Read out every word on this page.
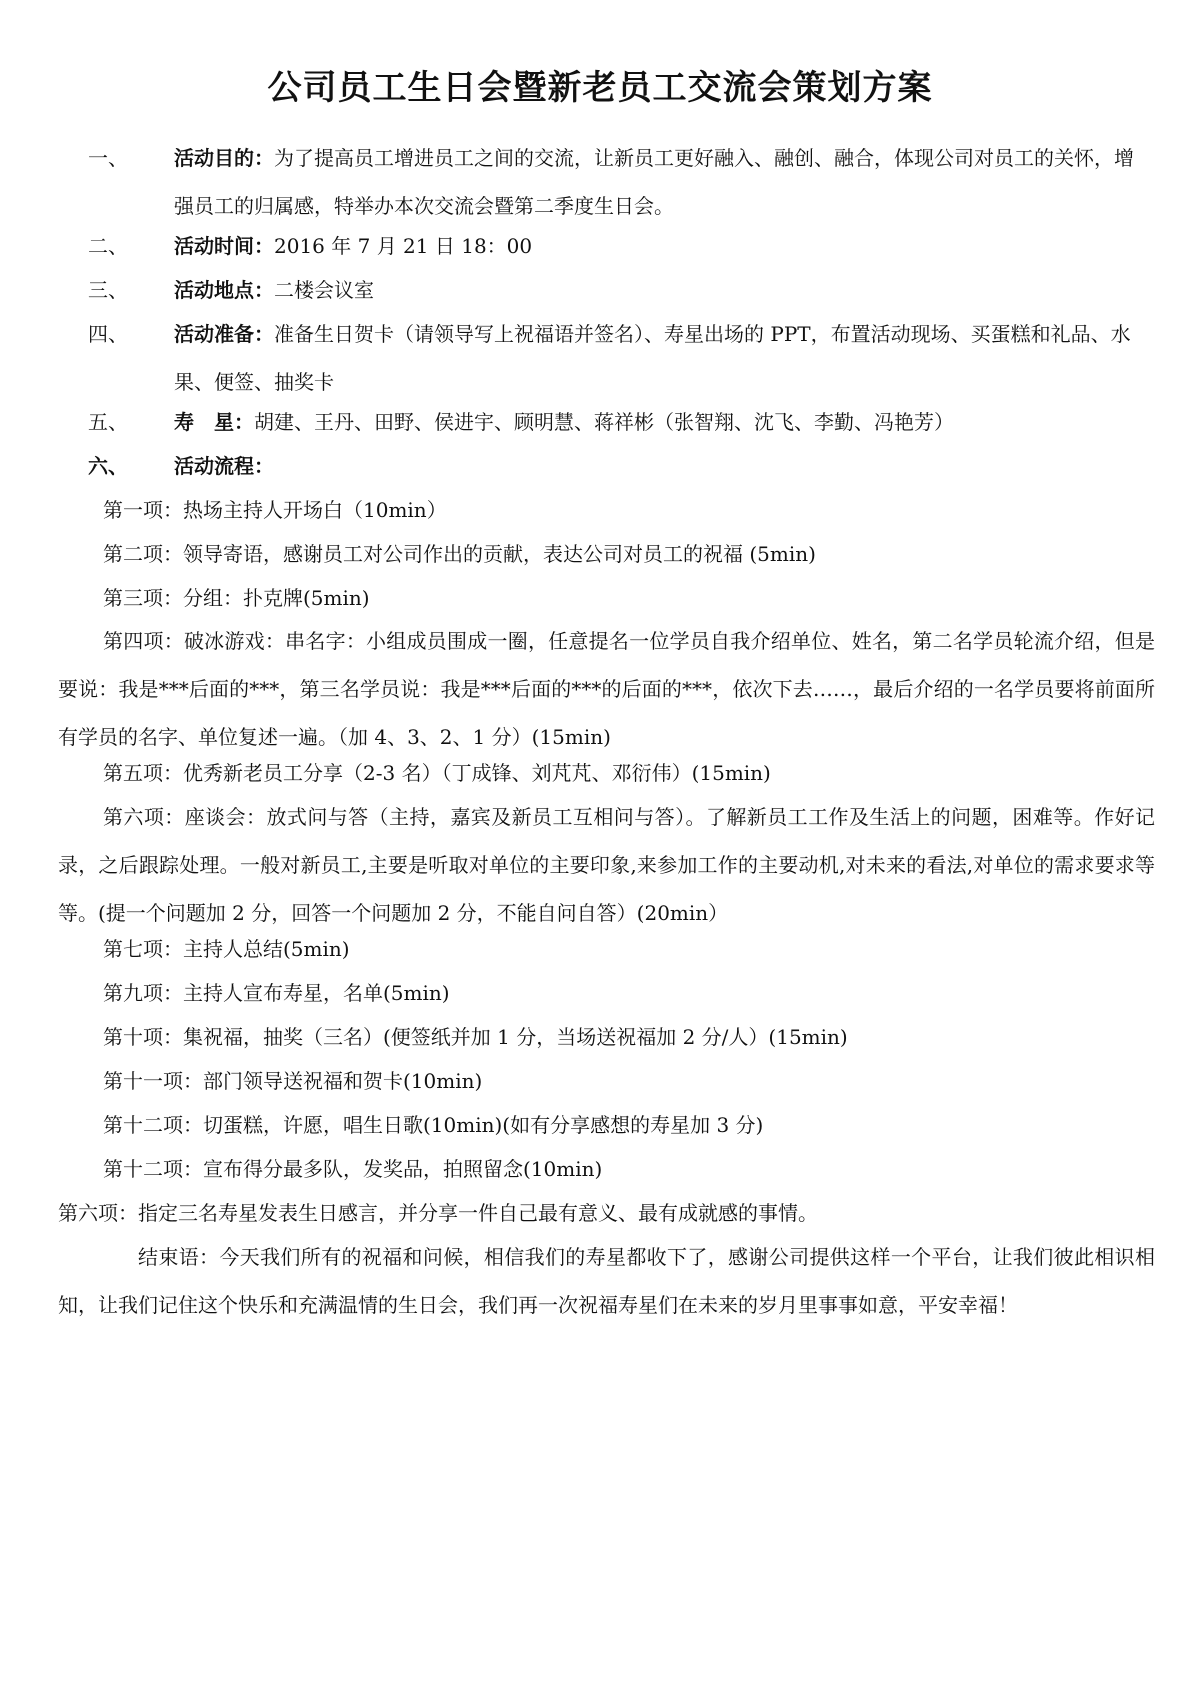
公司员工生日会暨新老员工交流会策划方案
一、	活动目的：为了提高员工增进员工之间的交流，让新员工更好融入、融创、融合，体现公司对员工的关怀，增强员工的归属感，特举办本次交流会暨第二季度生日会。
二、	活动时间：2016 年 7 月 21 日 18：00
三、	活动地点：二楼会议室
四、	活动准备：准备生日贺卡（请领导写上祝福语并签名）、寿星出场的 PPT，布置活动现场、买蛋糕和礼品、水果、便签、抽奖卡
五、	寿　星：胡建、王丹、田野、侯进宇、顾明慧、蒋祥彬（张智翔、沈飞、李勤、冯艳芳）
六、	活动流程：
第一项：热场主持人开场白（10min）
第二项：领导寄语，感谢员工对公司作出的贡献，表达公司对员工的祝福 (5min)
第三项：分组：扑克牌(5min)
第四项：破冰游戏：串名字：小组成员围成一圈，任意提名一位学员自我介绍单位、姓名，第二名学员轮流介绍，但是要说：我是***后面的***，第三名学员说：我是***后面的***的后面的***，依次下去……，最后介绍的一名学员要将前面所有学员的名字、单位复述一遍。（加 4、3、2、1 分）(15min)
第五项：优秀新老员工分享（2-3 名）（丁成锋、刘芃芃、邓衍伟）(15min)
第六项：座谈会：放式问与答（主持，嘉宾及新员工互相问与答）。了解新员工工作及生活上的问题，困难等。作好记录，之后跟踪处理。一般对新员工,主要是听取对单位的主要印象,来参加工作的主要动机,对未来的看法,对单位的需求要求等等。(提一个问题加 2 分，回答一个问题加 2 分，不能自问自答）(20min）
第七项：主持人总结(5min)
第九项：主持人宣布寿星，名单(5min)
第十项：集祝福，抽奖（三名）(便签纸并加 1 分，当场送祝福加 2 分/人）(15min)
第十一项：部门领导送祝福和贺卡(10min)
第十二项：切蛋糕，许愿，唱生日歌(10min)(如有分享感想的寿星加 3 分)
第十二项：宣布得分最多队，发奖品，拍照留念(10min)
第六项：指定三名寿星发表生日感言，并分享一件自己最有意义、最有成就感的事情。
结束语：今天我们所有的祝福和问候，相信我们的寿星都收下了，感谢公司提供这样一个平台，让我们彼此相识相知，让我们记住这个快乐和充满温情的生日会，我们再一次祝福寿星们在未来的岁月里事事如意，平安幸福！
